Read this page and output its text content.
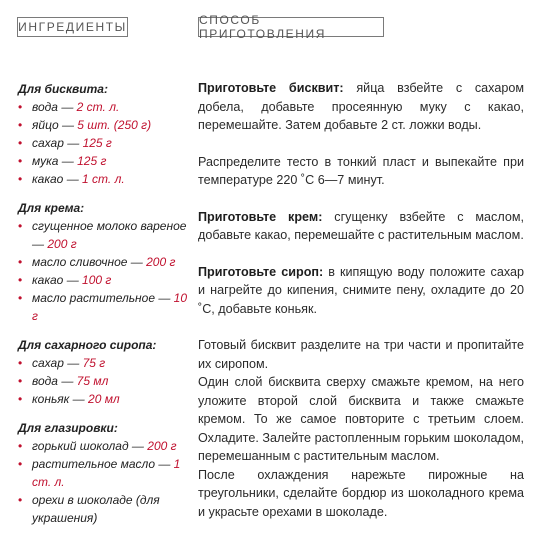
ИНГРЕДИЕНТЫ	СПОСОБ ПРИГОТОВЛЕНИЯ
Для бисквита:
• вода — 2 ст. л.
• яйцо — 5 шт. (250 г)
• сахар — 125 г
• мука — 125 г
• какао — 1 ст. л.
Для крема:
• сгущенное молоко вареное — 200 г
• масло сливочное — 200 г
• какао — 100 г
• масло растительное — 10 г
Для сахарного сиропа:
• сахар — 75 г
• вода — 75 мл
• коньяк — 20 мл
Для глазировки:
• горький шоколад — 200 г
• растительное масло — 1 ст. л.
• орехи в шоколаде (для украшения)

Приготовьте бисквит: яйца взбейте с сахаром добела, добавьте просеянную муку с какао, перемешайте. Затем добавьте 2 ст. ложки воды.

Распределите тесто в тонкий пласт и выпекайте при температуре 220 ˚С 6—7 минут.

Приготовьте крем: сгущенку взбейте с маслом, добавьте какао, перемешайте с растительным маслом.

Приготовьте сироп: в кипящую воду положите сахар и нагрейте до кипения, снимите пену, охладите до 20 ˚С, добавьте коньяк.

Готовый бисквит разделите на три части и пропитайте их сиропом.

Один слой бисквита сверху смажьте кремом, на него уложите второй слой бисквита и также смажьте кремом. То же самое повторите с третьим слоем. Охладите. Залейте растопленным горьким шоколадом, перемешанным с растительным маслом.

После охлаждения нарежьте пирожные на треугольники, сделайте бордюр из шоколадного крема и украсьте орехами в шоколаде.
